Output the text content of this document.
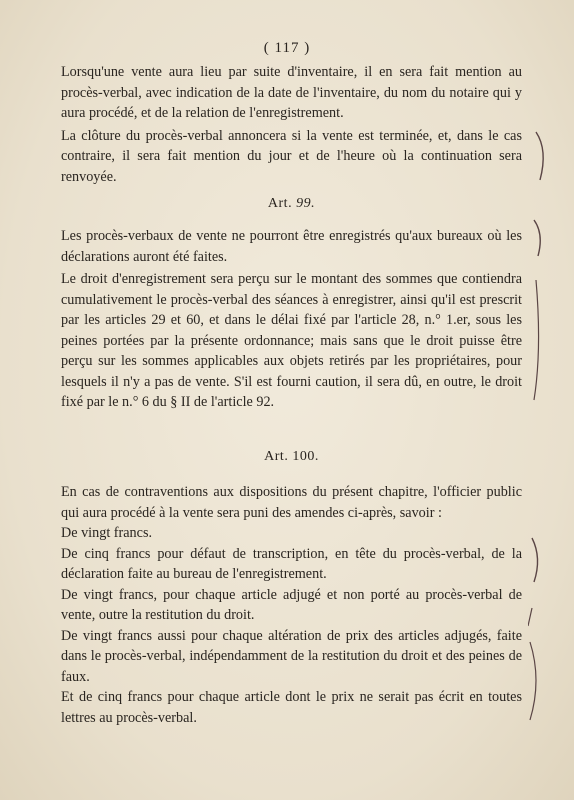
( 117 )

Lorsqu'une vente aura lieu par suite d'inventaire, il en sera fait mention au procès-verbal, avec indication de la date de l'inventaire, du nom du notaire qui y aura procédé, et de la relation de l'enregistrement.

La clôture du procès-verbal annoncera si la vente est terminée, et, dans le cas contraire, il sera fait mention du jour et de l'heure où la continuation sera renvoyée.

Art. 99.

Les procès-verbaux de vente ne pourront être enregistrés qu'aux bureaux où les déclarations auront été faites.

Le droit d'enregistrement sera perçu sur le montant des sommes que contiendra cumulativement le procès-verbal des séances à enregistrer, ainsi qu'il est prescrit par les articles 29 et 60, et dans le délai fixé par l'article 28, n.° 1.er, sous les peines portées par la présente ordonnance; mais sans que le droit puisse être perçu sur les sommes applicables aux objets retirés par les propriétaires, pour lesquels il n'y a pas de vente. S'il est fourni caution, il sera dû, en outre, le droit fixé par le n.° 6 du § II de l'article 92.

Art. 100.

En cas de contraventions aux dispositions du présent chapitre, l'officier public qui aura procédé à la vente sera puni des amendes ci-après, savoir :

De vingt francs.

De cinq francs pour défaut de transcription, en tête du procès-verbal, de la déclaration faite au bureau de l'enregistrement.

De vingt francs, pour chaque article adjugé et non porté au procès-verbal de vente, outre la restitution du droit.

De vingt francs aussi pour chaque altération de prix des articles adjugés, faite dans le procès-verbal, indépendamment de la restitution du droit et des peines de faux.

Et de cinq francs pour chaque article dont le prix ne serait pas écrit en toutes lettres au procès-verbal.
